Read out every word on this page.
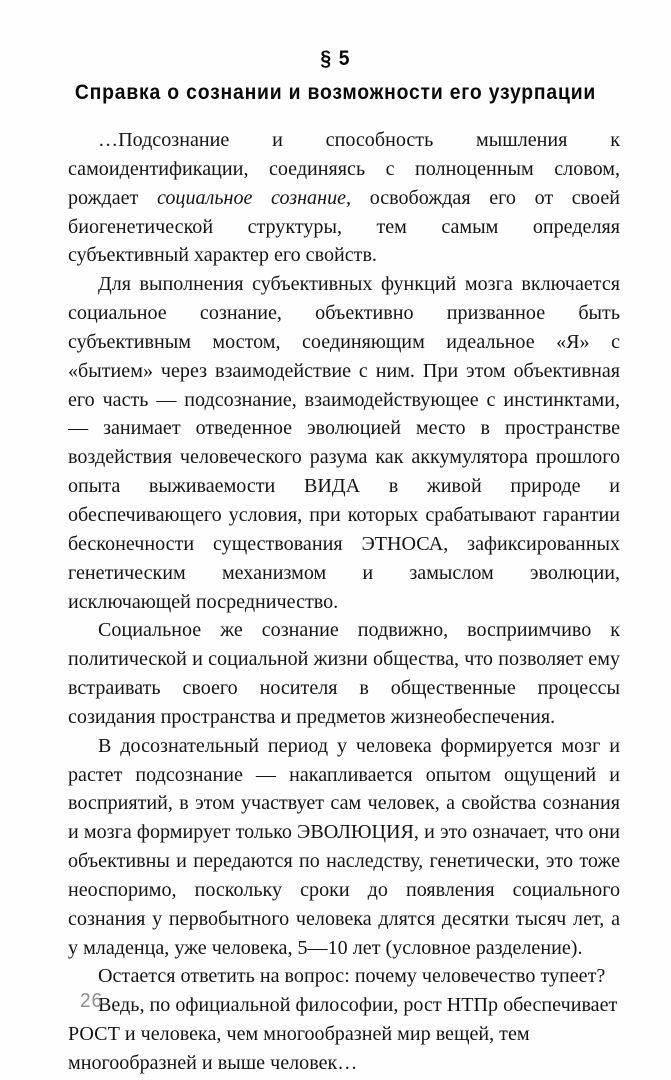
§ 5
Справка о сознании и возможности его узурпации

…Подсознание и способность мышления к самоидентификации, соединяясь с полноценным словом, рождает социальное сознание, освобождая его от своей биогенетической структуры, тем самым определяя субъективный характер его свойств.

Для выполнения субъективных функций мозга включается социальное сознание, объективно призванное быть субъективным мостом, соединяющим идеальное «Я» с «бытием» через взаимодействие с ним. При этом объективная его часть — подсознание, взаимодействующее с инстинктами, — занимает отведенное эволюцией место в пространстве воздействия человеческого разума как аккумулятора прошлого опыта выживаемости ВИДА в живой природе и обеспечивающего условия, при которых срабатывают гарантии бесконечности существования ЭТНОСА, зафиксированных генетическим механизмом и замыслом эволюции, исключающей посредничество.

Социальное же сознание подвижно, восприимчиво к политической и социальной жизни общества, что позволяет ему встраивать своего носителя в общественные процессы созидания пространства и предметов жизнеобеспечения.

В досознательный период у человека формируется мозг и растет подсознание — накапливается опытом ощущений и восприятий, в этом участвует сам человек, а свойства сознания и мозга формирует только ЭВОЛЮЦИЯ, и это означает, что они объективны и передаются по наследству, генетически, это тоже неоспоримо, поскольку сроки до появления социального сознания у первобытного человека длятся десятки тысяч лет, а у младенца, уже человека, 5—10 лет (условное разделение).

Остается ответить на вопрос: почему человечество тупеет?

Ведь, по официальной философии, рост НТПр обеспечивает РОСТ и человека, чем многообразней мир вещей, тем многообразней и выше человек…

26
